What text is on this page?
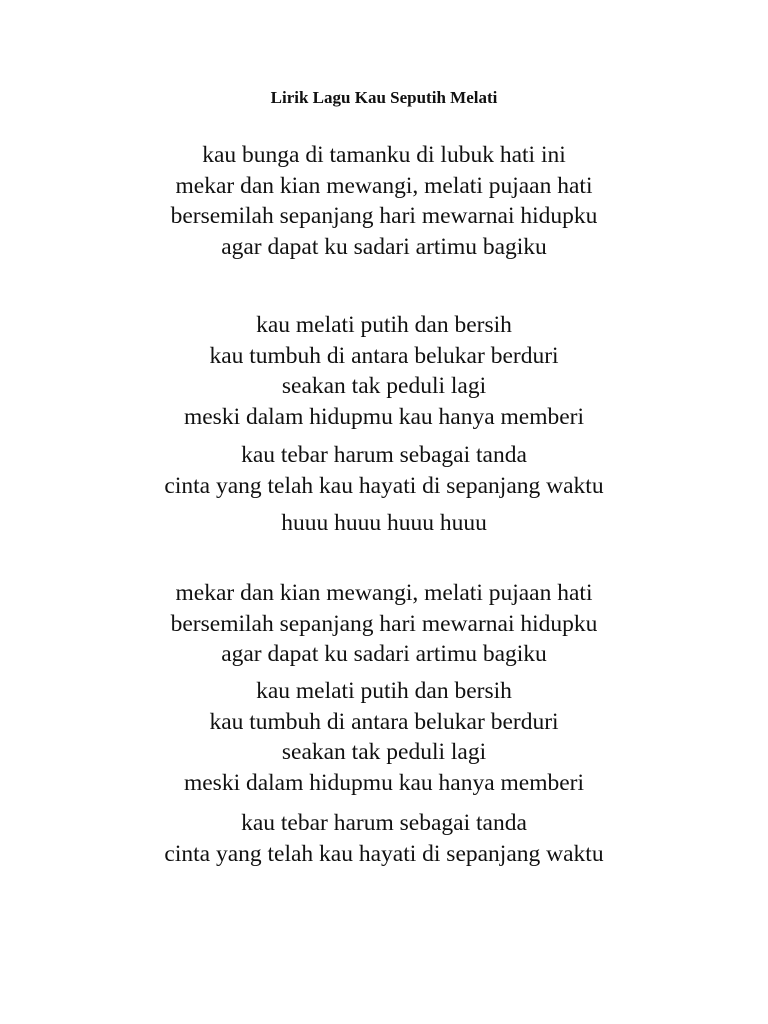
Lirik Lagu Kau Seputih Melati
kau bunga di tamanku di lubuk hati ini
mekar dan kian mewangi, melati pujaan hati
bersemilah sepanjang hari mewarnai hidupku
agar dapat ku sadari artimu bagiku
kau melati putih dan bersih
kau tumbuh di antara belukar berduri
seakan tak peduli lagi
meski dalam hidupmu kau hanya memberi
kau tebar harum sebagai tanda
cinta yang telah kau hayati di sepanjang waktu
huuu huuu huuu huuu
mekar dan kian mewangi, melati pujaan hati
bersemilah sepanjang hari mewarnai hidupku
agar dapat ku sadari artimu bagiku
kau melati putih dan bersih
kau tumbuh di antara belukar berduri
seakan tak peduli lagi
meski dalam hidupmu kau hanya memberi
kau tebar harum sebagai tanda
cinta yang telah kau hayati di sepanjang waktu
